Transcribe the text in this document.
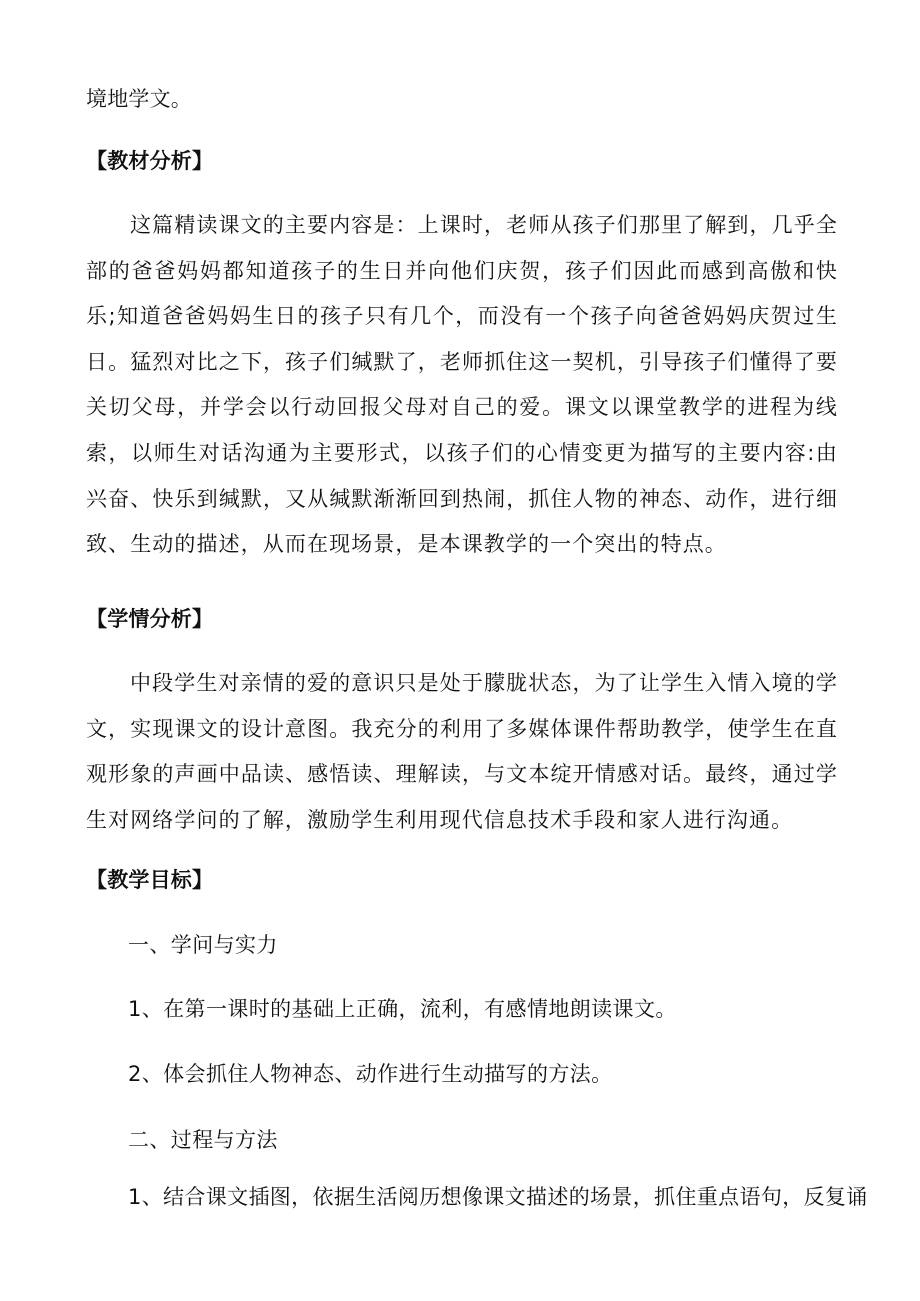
境地学文。
【教材分析】
这篇精读课文的主要内容是：上课时，老师从孩子们那里了解到，几乎全部的爸爸妈妈都知道孩子的生日并向他们庆贺，孩子们因此而感到高傲和快乐;知道爸爸妈妈生日的孩子只有几个，而没有一个孩子向爸爸妈妈庆贺过生日。猛烈对比之下，孩子们缄默了，老师抓住这一契机，引导孩子们懂得了要关切父母，并学会以行动回报父母对自己的爱。课文以课堂教学的进程为线索，以师生对话沟通为主要形式，以孩子们的心情变更为描写的主要内容:由兴奋、快乐到缄默，又从缄默渐渐回到热闹，抓住人物的神态、动作，进行细致、生动的描述，从而在现场景，是本课教学的一个突出的特点。
【学情分析】
中段学生对亲情的爱的意识只是处于朦胧状态，为了让学生入情入境的学文，实现课文的设计意图。我充分的利用了多媒体课件帮助教学，使学生在直观形象的声画中品读、感悟读、理解读，与文本绽开情感对话。最终，通过学生对网络学问的了解，激励学生利用现代信息技术手段和家人进行沟通。
【教学目标】
一、学问与实力
1、在第一课时的基础上正确，流利，有感情地朗读课文。
2、体会抓住人物神态、动作进行生动描写的方法。
二、过程与方法
1、结合课文插图，依据生活阅历想像课文描述的场景，抓住重点语句，反复诵
